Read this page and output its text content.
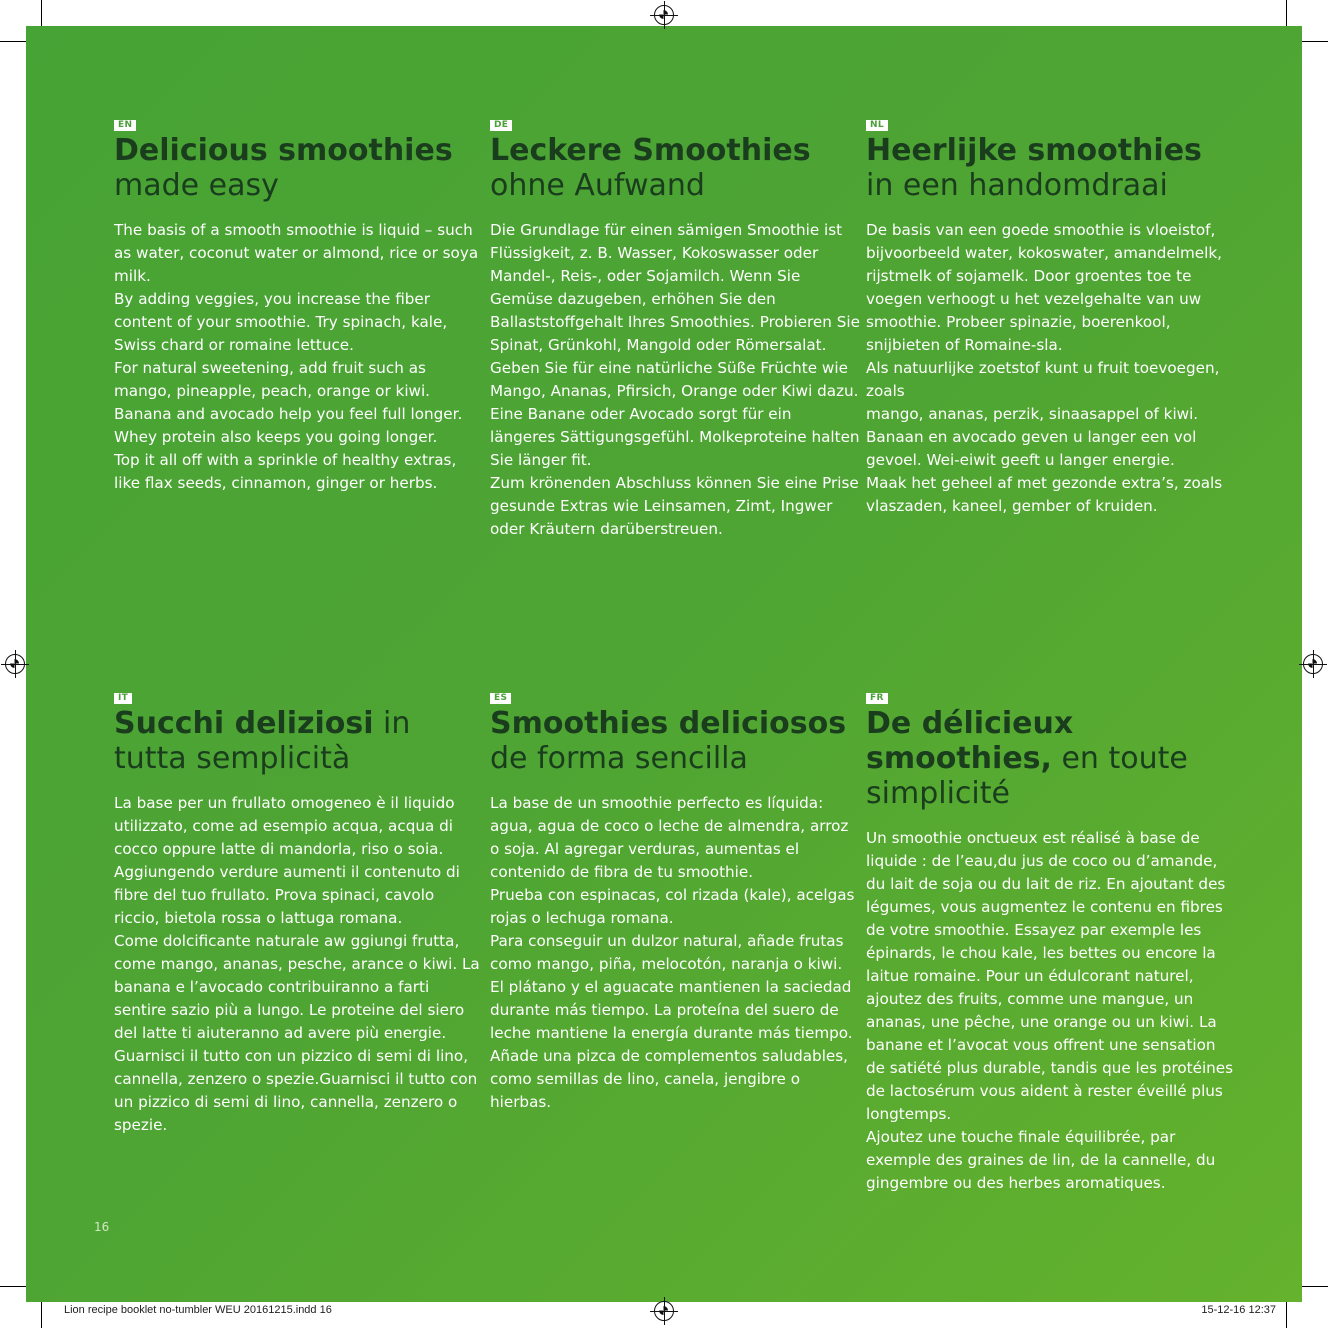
EN
Delicious smoothies
made easy

The basis of a smooth smoothie is liquid – such as water, coconut water or almond, rice or soya milk.

By adding veggies, you increase the fiber content of your smoothie. Try spinach, kale, Swiss chard or romaine lettuce.

For natural sweetening, add fruit such as mango, pineapple, peach, orange or kiwi. Banana and avocado help you feel full longer. Whey protein also keeps you going longer.

Top it all off with a sprinkle of healthy extras, like flax seeds, cinnamon, ginger or herbs.

DE
Leckere Smoothies
ohne Aufwand

Die Grundlage für einen sämigen Smoothie ist Flüssigkeit, z. B. Wasser, Kokoswasser oder Mandel-, Reis-, oder Sojamilch. Wenn Sie Gemüse dazugeben, erhöhen Sie den Ballaststoffgehalt Ihres Smoothies. Probieren Sie Spinat, Grünkohl, Mangold oder Römersalat.

Geben Sie für eine natürliche Süße Früchte wie Mango, Ananas, Pfirsich, Orange oder Kiwi dazu. Eine Banane oder Avocado sorgt für ein längeres Sättigungsgefühl. Molkeproteine halten Sie länger fit.

Zum krönenden Abschluss können Sie eine Prise gesunde Extras wie Leinsamen, Zimt, Ingwer oder Kräutern darüberstreuen.

NL
Heerlijke smoothies
in een handomdraai

De basis van een goede smoothie is vloeistof, bijvoorbeeld water, kokoswater, amandelmelk, rijstmelk of sojamelk. Door groentes toe te voegen verhoogt u het vezelgehalte van uw smoothie. Probeer spinazie, boerenkool, snijbieten of Romaine-sla.

Als natuurlijke zoetstof kunt u fruit toevoegen, zoals

mango, ananas, perzik, sinaasappel of kiwi. Banaan en avocado geven u langer een vol gevoel. Wei-eiwit geeft u langer energie.

Maak het geheel af met gezonde extra’s, zoals vlaszaden, kaneel, gember of kruiden.

IT
Succhi deliziosi in tutta semplicità

La base per un frullato omogeneo è il liquido utilizzato, come ad esempio acqua, acqua di cocco oppure latte di mandorla, riso o soia. Aggiungendo verdure aumenti il contenuto di fibre del tuo frullato. Prova spinaci, cavolo riccio, bietola rossa o lattuga romana.

Come dolcificante naturale aw ggiungi frutta, come mango, ananas, pesche, arance o kiwi. La banana e l’avocado contribuiranno a farti sentire sazio più a lungo. Le proteine del siero del latte ti aiuteranno ad avere più energie. Guarnisci il tutto con un pizzico di semi di lino, cannella, zenzero o spezie.Guarnisci il tutto con un pizzico di semi di lino, cannella, zenzero o spezie.

ES
Smoothies deliciosos de forma sencilla

La base de un smoothie perfecto es líquida: agua, agua de coco o leche de almendra, arroz o soja. Al agregar verduras, aumentas el contenido de fibra de tu smoothie.

Prueba con espinacas, col rizada (kale), acelgas rojas o lechuga romana.

Para conseguir un dulzor natural, añade frutas como mango, piña, melocotón, naranja o kiwi. El plátano y el aguacate mantienen la saciedad durante más tiempo. La proteína del suero de leche mantiene la energía durante más tiempo. Añade una pizca de complementos saludables, como semillas de lino, canela, jengibre o hierbas.

FR
De délicieux smoothies, en toute simplicité

Un smoothie onctueux est réalisé à base de liquide : de l’eau,du jus de coco ou d’amande, du lait de soja ou du lait de riz. En ajoutant des légumes, vous augmentez le contenu en fibres de votre smoothie. Essayez par exemple les épinards, le chou kale, les bettes ou encore la laitue romaine. Pour un édulcorant naturel, ajoutez des fruits, comme une mangue, un ananas, une pêche, une orange ou un kiwi. La banane et l’avocat vous offrent une sensation de satiété plus durable, tandis que les protéines de lactosérum vous aident à rester éveillé plus longtemps.

Ajoutez une touche finale équilibrée, par exemple des graines de lin, de la cannelle, du gingembre ou des herbes aromatiques.

16
Lion recipe booklet no-tumbler WEU 20161215.indd 16	15-12-16 12:37
